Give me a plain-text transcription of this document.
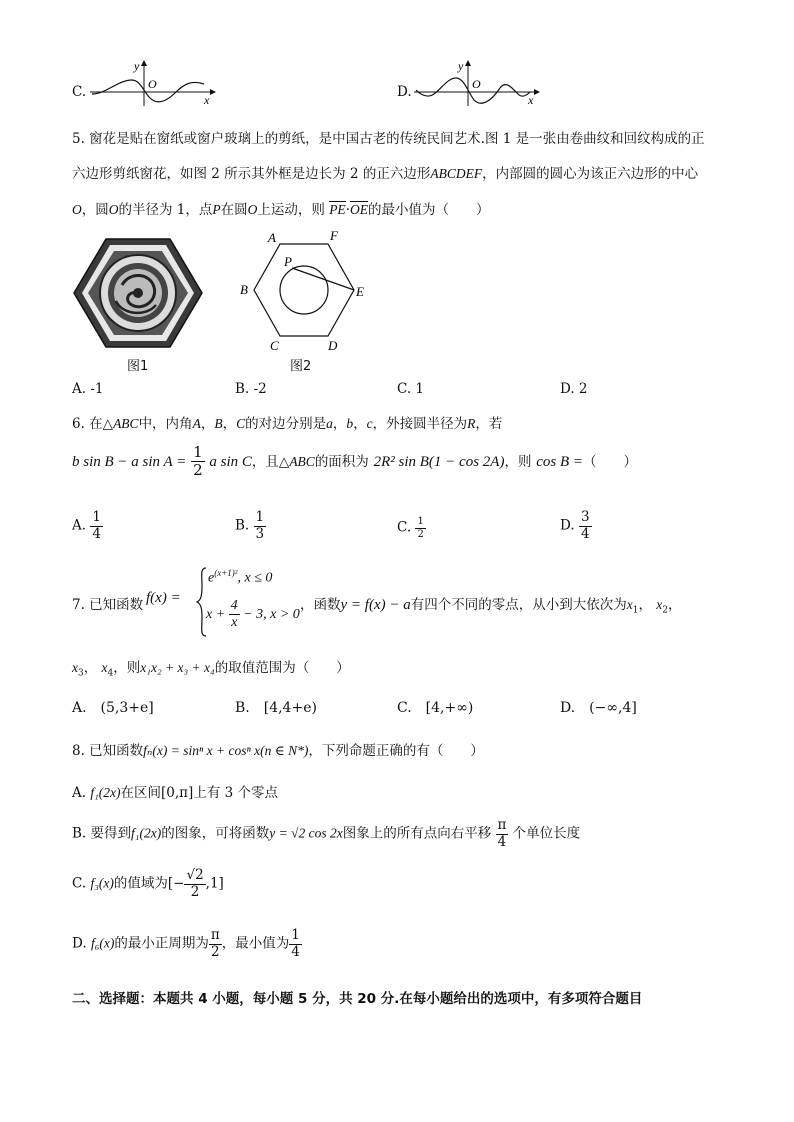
C.
y
O
x	D.
y
O
x
5. 窗花是贴在窗纸或窗户玻璃上的剪纸，是中国古老的传统民间艺术.图 1 是一张由卷曲纹和回纹构成的正
六边形剪纸窗花，如图 2 所示其外框是边长为 2 的正六边形ABCDEF，内部圆的圆心为该正六边形的中心
O，圆O的半径为 1，点P在圆O上运动，则 PE·OE的最小值为（　　）
图1
A	F
B	E
C	D
P
图2
A. -1	B. -2	C. 1	D. 2
6. 在△ABC中，内角A，B，C的对边分别是a，b，c，外接圆半径为R，若
b sin B − a $\sin A = \frac{1}{2}$ a sin C，且△ABC的面积为 2R² sin B(1 − cos 2A)，则 cos B =（　　）
A. $\frac{1}{4}$	B. $\frac{1}{3}$	C. $\frac{1}{2}$	D. $\frac{3}{4}$
7. 已知函数 f(x) =
$e^{(x+1)^2}$, x ≤ 0
$x + \frac{4}{x} - 3$, x > 0
，函数y = f(x) − a有四个不同的零点，从小到大依次为$x_1$， $x_2$，
$x_3$， $x_4$，则x₁x₂ + x₃ + x₄的取值范围为（　　）
A.　(5,3+e]	B.　[4,4+e)	C.　[4,+∞)	D.　(−∞,4]
8. 已知函数fₙ(x) = sinⁿ x + cosⁿ x(n ∈ N*)，下列命题正确的有（　　）
A. f₁(2x)在区间[0,π]上有 3 个零点
B. 要得到f₁(2x)的图象，可将函数y = √2 cos 2x图象上的所有点向右平移 $\frac{\pi}{4}$ 个单位长度
C. f₃(x)的值域为[− $\frac{√2}{2} ,1$]
D. f₆(x)的最小正周期为 $\frac{\pi}{2}$ ，最小值为 $\frac{1}{4}$
二、选择题：本题共 4 小题，每小题 5 分，共 20 分.在每小题给出的选项中，有多项符合题目
